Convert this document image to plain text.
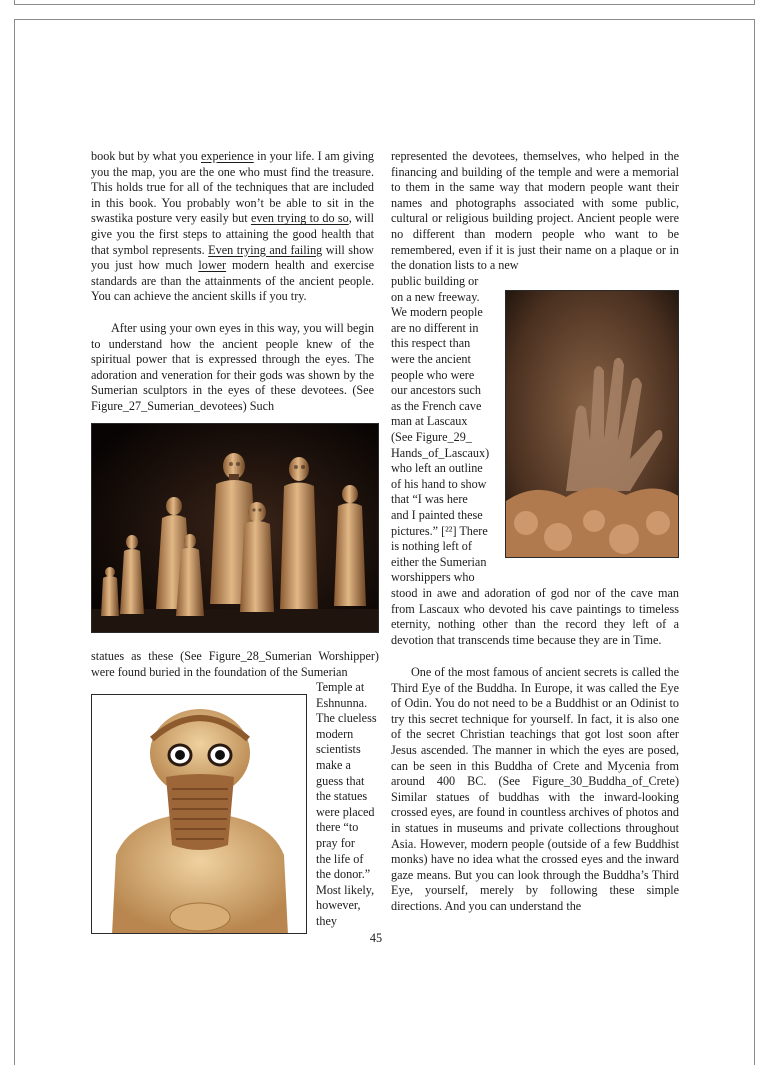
book but by what you experience in your life. I am giving you the map, you are the one who must find the treasure. This holds true for all of the techniques that are included in this book. You probably won’t be able to sit in the swastika posture very easily but even trying to do so, will give you the first steps to attaining the good health that that symbol represents. Even trying and failing will show you just how much lower modern health and exercise standards are than the attainments of the ancient people. You can achieve the ancient skills if you try.

After using your own eyes in this way, you will begin to understand how the ancient people knew of the spiritual power that is expressed through the eyes. The adoration and veneration for their gods was shown by the Sumerian sculptors in the eyes of these devotees. (See Figure_27_Sumerian_devotees) Such

statues as these (See Figure_28_Sumerian Worshipper) were found buried in the foundation of the Sumerian

Temple at
Eshnunna.
The clueless
modern
scientists
make a
guess that
the statues
were placed
there “to
pray for
the life of
the donor.”
Most likely,
however,
they

represented the devotees, themselves, who helped in the financing and building of the temple and were a memorial to them in the same way that modern people want their names and photographs associated with some public, cultural or religious building project. Ancient people were no different than modern people who want to be remembered, even if it is just their name on a plaque or in the donation lists to a new

public building or
on a new freeway.
We modern people
are no different in
this respect than
were the ancient
people who were
our ancestors such
as the French cave
man at Lascaux
(See Figure_29_
Hands_of_Lascaux)
who left an outline
of his hand to show
that “I was here
and I painted these
pictures.” [²²] There
is nothing left of
either the Sumerian
worshippers who

stood in awe and adoration of god nor of the cave man from Lascaux who devoted his cave paintings to timeless eternity, nothing other than the record they left of a devotion that transcends time because they are in Time.

One of the most famous of ancient secrets is called the Third Eye of the Buddha. In Europe, it was called the Eye of Odin. You do not need to be a Buddhist or an Odinist to try this secret technique for yourself. In fact, it is also one of the secret Christian teachings that got lost soon after Jesus ascended. The manner in which the eyes are posed, can be seen in this Buddha of Crete and Mycenia from around 400 BC. (See Figure_30_Buddha_of_Crete) Similar statues of buddhas with the inward-looking crossed eyes, are found in countless archives of photos and in statues in museums and private collections throughout Asia. However, modern people (outside of a few Buddhist monks) have no idea what the crossed eyes and the inward gaze means. But you can look through the Buddha’s Third Eye, yourself, merely by following these simple directions. And you can understand the

45
